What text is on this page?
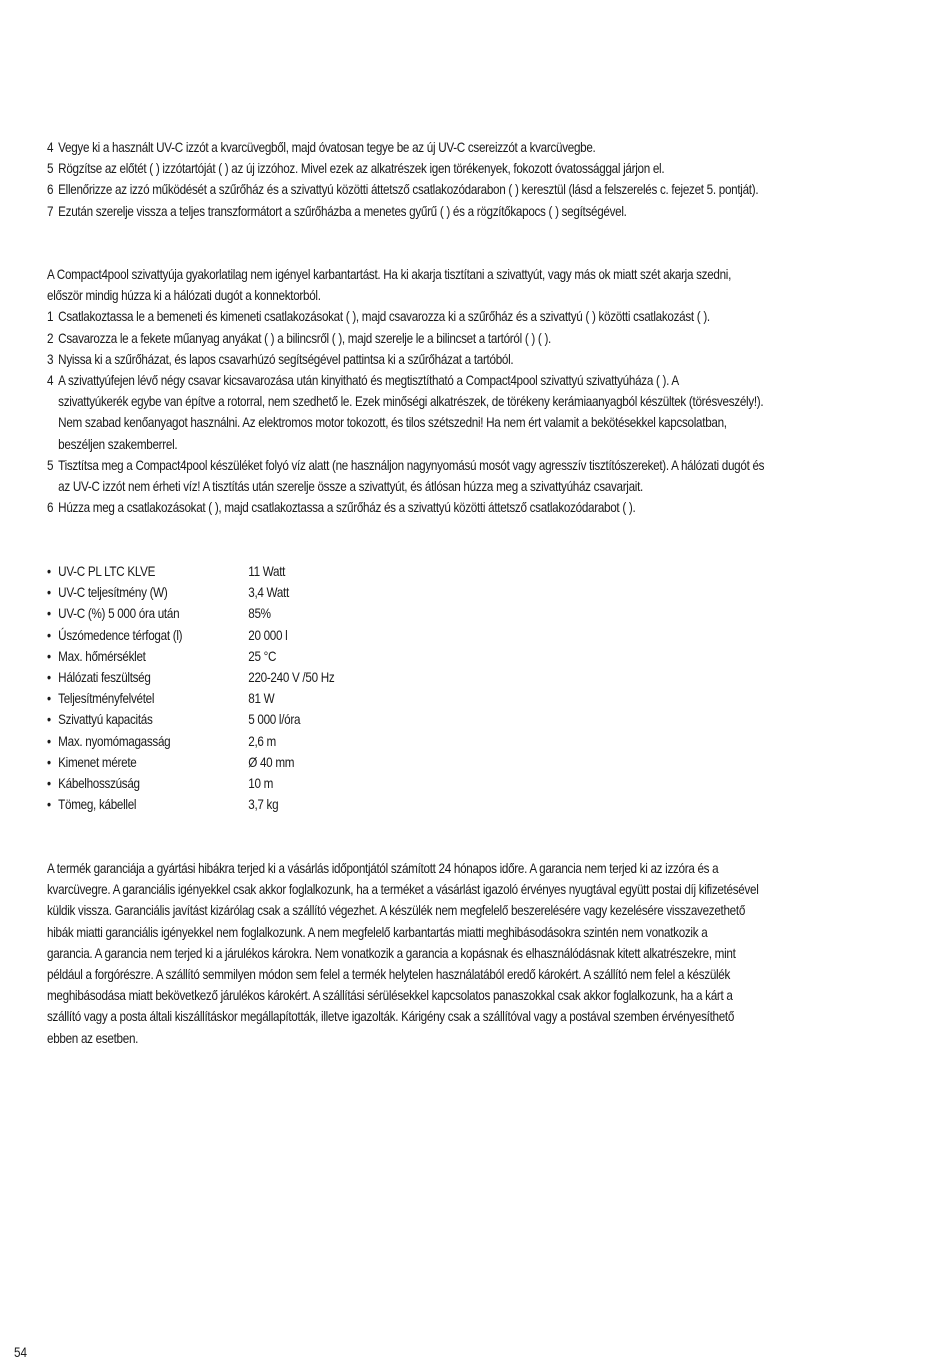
4 Vegye ki a használt UV-C izzót a kvarcüvegből, majd óvatosan tegye be az új UV-C csereizzót a kvarcüvegbe.
5 Rögzítse az előtét ( ) izzótartóját ( ) az új izzóhoz. Mivel ezek az alkatrészek igen törékenyek, fokozott óvatossággal járjon el.
6 Ellenőrizze az izzó működését a szűrőház és a szivattyú közötti áttetsző csatlakozódarabon ( ) keresztül (lásd a felszerelés c. fejezet 5. pontját).
7 Ezután szerelje vissza a teljes transzformátort a szűrőházba a menetes gyűrű ( ) és a rögzítőkapocs ( ) segítségével.
A Compact4pool szivattyúja gyakorlatilag nem igényel karbantartást. Ha ki akarja tisztítani a szivattyút, vagy más ok miatt szét akarja szedni,
először mindig húzza ki a hálózati dugót a konnektorból.
1 Csatlakoztassa le a bemeneti és kimeneti csatlakozásokat ( ), majd csavarozza ki a szűrőház és a szivattyú ( ) közötti csatlakozást ( ).
2 Csavarozza le a fekete műanyag anyákat ( ) a bilincsről ( ), majd szerelje le a bilincset a tartóról ( ) ( ).
3 Nyissa ki a szűrőházat, és lapos csavarhúzó segítségével pattintsa ki a szűrőházat a tartóból.
4 A szivattyúfejen lévő négy csavar kicsavarozása után kinyitható és megtisztítható a Compact4pool szivattyú szivattyúháza ( ). A
szivattyúkerék egybe van építve a rotorral, nem szedhető le. Ezek minőségi alkatrészek, de törékeny kerámiaanyagból készültek (törésveszély!).
Nem szabad kenőanyagot használni. Az elektromos motor tokozott, és tilos szétszedni! Ha nem ért valamit a bekötésekkel kapcsolatban,
beszéljen szakemberrel.
5 Tisztítsa meg a Compact4pool készüléket folyó víz alatt (ne használjon nagynyomású mosót vagy agresszív tisztítószereket). A hálózati dugót és
az UV-C izzót nem érheti víz! A tisztítás után szerelje össze a szivattyút, és átlósan húzza meg a szivattyúház csavarjait.
6 Húzza meg a csatlakozásokat ( ), majd csatlakoztassa a szűrőház és a szivattyú közötti áttetsző csatlakozódarabot ( ).
• UV-C PL LTC KLVE	11 Watt
• UV-C teljesítmény (W)	3,4 Watt
• UV-C (%) 5 000 óra után	85%
• Úszómedence térfogat (l)	20 000 l
• Max. hőmérséklet	25 °C
• Hálózati feszültség	220-240 V /50 Hz
• Teljesítményfelvétel	81 W
• Szivattyú kapacitás	5 000 l/óra
• Max. nyomómagasság	2,6 m
• Kimenet mérete	Ø 40 mm
• Kábelhosszúság	10 m
• Tömeg, kábellel	3,7 kg
A termék garanciája a gyártási hibákra terjed ki a vásárlás időpontjától számított 24 hónapos időre. A garancia nem terjed ki az izzóra és a
kvarcüvegre. A garanciális igényekkel csak akkor foglalkozunk, ha a terméket a vásárlást igazoló érvényes nyugtával együtt postai díj kifizetésével
küldik vissza. Garanciális javítást kizárólag csak a szállító végezhet. A készülék nem megfelelő beszerelésére vagy kezelésére visszavezethető
hibák miatti garanciális igényekkel nem foglalkozunk. A nem megfelelő karbantartás miatti meghibásodásokra szintén nem vonatkozik a
garancia. A garancia nem terjed ki a járulékos károkra. Nem vonatkozik a garancia a kopásnak és elhasználódásnak kitett alkatrészekre, mint
például a forgórészre. A szállító semmilyen módon sem felel a termék helytelen használatából eredő károkért. A szállító nem felel a készülék
meghibásodása miatt bekövetkező járulékos károkért. A szállítási sérülésekkel kapcsolatos panaszokkal csak akkor foglalkozunk, ha a kárt a
szállító vagy a posta általi kiszállításkor megállapították, illetve igazolták. Kárigény csak a szállítóval vagy a postával szemben érvényesíthető
ebben az esetben.
54
